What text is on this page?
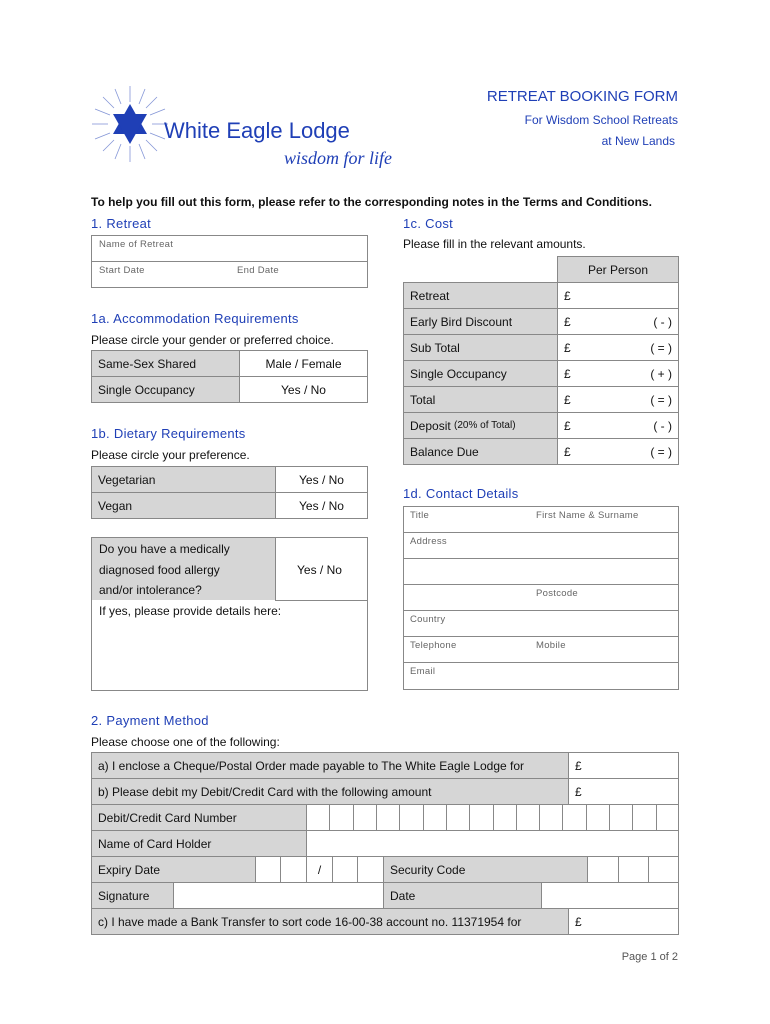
White Eagle Lodge
wisdom for life
RETREAT BOOKING FORM
For Wisdom School Retreats
at New Lands
To help you fill out this form, please refer to the corresponding notes in the Terms and Conditions.
1. Retreat
Name of Retreat
Start Date	End Date
1a. Accommodation Requirements
Please circle your gender or preferred choice.
Same-Sex Shared	Male / Female
Single Occupancy	Yes / No
1b. Dietary Requirements
Please circle your preference.
Vegetarian	Yes / No
Vegan	Yes / No
Do you have a medically
diagnosed food allergy
and/or intolerance?
Yes / No
If yes, please provide details here:
1c. Cost
Please fill in the relevant amounts.
Per Person
Retreat	£
Early Bird Discount	£	( - )
Sub Total	£	( = )
Single Occupancy	£	( + )
Total	£	( = )
Deposit
(20% of Total)	£	( - )
Balance Due	£	( = )
1d. Contact Details
Title	First Name & Surname
Address
Postcode
Country
Telephone	Mobile
Email
2. Payment Method
Please choose one of the following:
a) I enclose a Cheque/Postal Order made payable to The White Eagle Lodge for	£
b) Please debit my Debit/Credit Card with the following amount	£
Debit/Credit Card Number
Name of Card Holder
Expiry Date	/	Security Code
Signature	Date
c) I have made a Bank Transfer to sort code 16-00-38 account no. 11371954 for	£
Page 1 of 2
